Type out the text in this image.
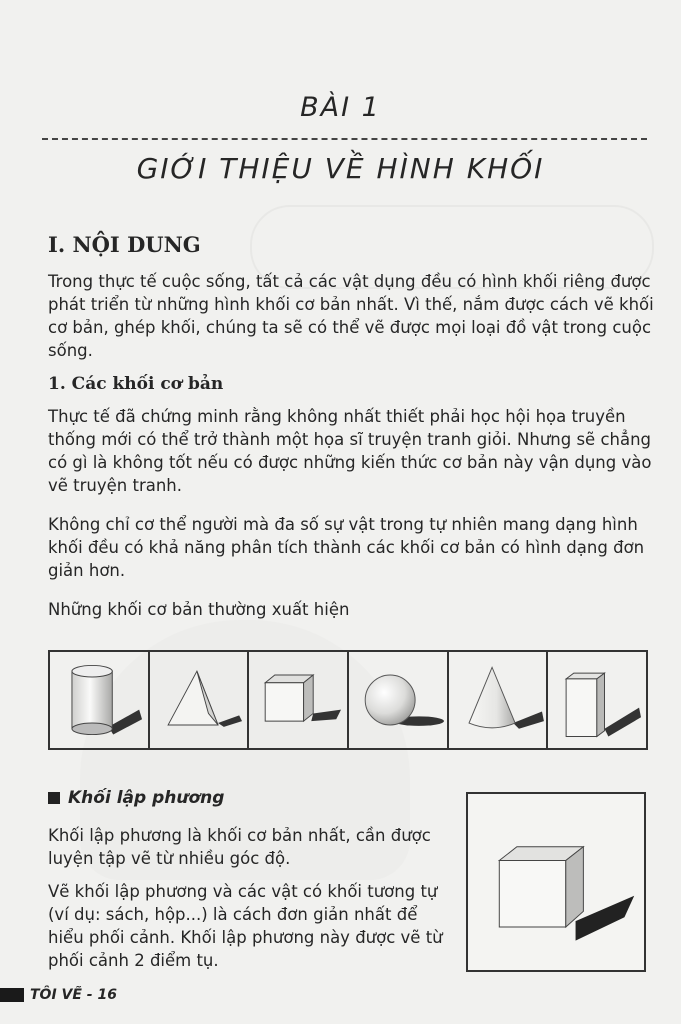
BÀI 1
GIỚI THIỆU VỀ HÌNH KHỐI
I. NỘI DUNG
Trong thực tế cuộc sống, tất cả các vật dụng đều có hình khối riêng được phát triển từ những hình khối cơ bản nhất. Vì thế, nắm được cách vẽ khối cơ bản, ghép khối, chúng ta sẽ có thể vẽ được mọi loại đồ vật trong cuộc sống.
1. Các khối cơ bản
Thực tế đã chứng minh rằng không nhất thiết phải học hội họa truyền thống mới có thể trở thành một họa sĩ truyện tranh giỏi. Nhưng sẽ chẳng có gì là không tốt nếu có được những kiến thức cơ bản này vận dụng vào vẽ truyện tranh.
Không chỉ cơ thể người mà đa số sự vật trong tự nhiên mang dạng hình khối đều có khả năng phân tích thành các khối cơ bản có hình dạng đơn giản hơn.
Những khối cơ bản thường xuất hiện
Khối lập phương
Khối lập phương là khối cơ bản nhất, cần được luyện tập vẽ từ nhiều góc độ.
Vẽ khối lập phương và các vật có khối tương tự (ví dụ: sách, hộp...) là cách đơn giản nhất để hiểu phối cảnh. Khối lập phương này được vẽ từ phối cảnh 2 điểm tụ.
TÔI VẼ - 16
